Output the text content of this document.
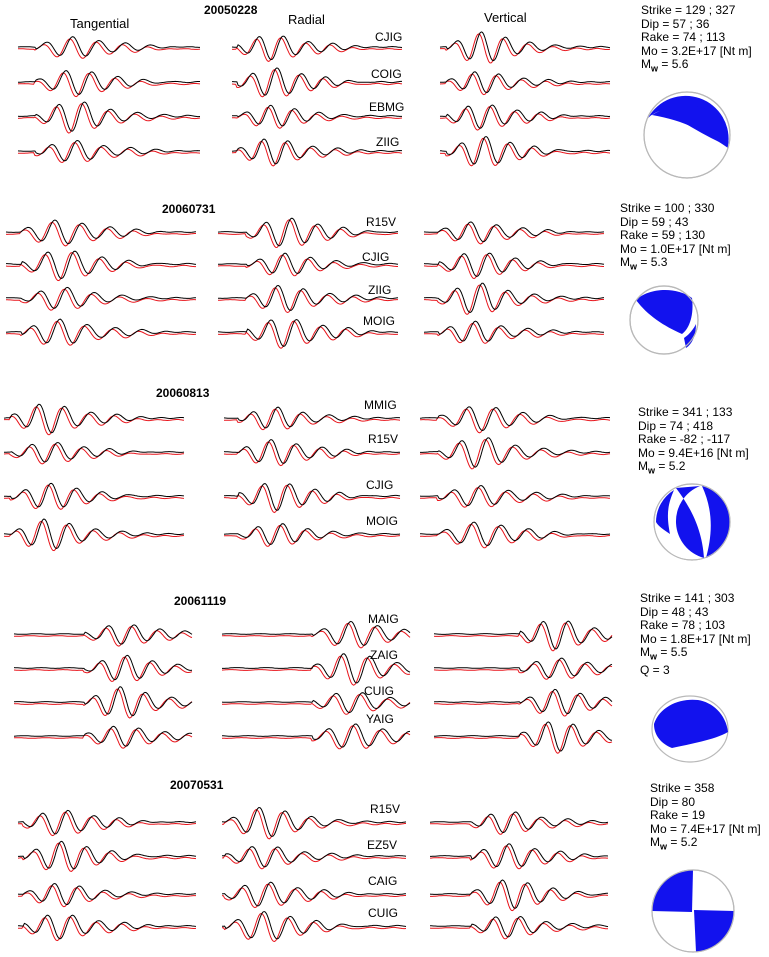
Tangential	Radial	Vertical
20050228
CJIG
COIG
EBMG
ZIIG
Strike = 129 ; 327
Dip = 57 ; 36
Rake = 74 ; 113
Mo = 3.2E+17 [Nt m]
$M_w = 5.6$
20060731
R15V
CJIG
ZIIG
MOIG
Strike = 100 ; 330
Dip = 59 ; 43
Rake = 59 ; 130
Mo = 1.0E+17 [Nt m]
$M_w = 5.3$
20060813
MMIG
R15V
CJIG
MOIG
Strike = 341 ; 133
Dip = 74 ; 418
Rake = -82 ; -117
Mo = 9.4E+16 [Nt m]
$M_w = 5.2$
20061119
MAIG
ZAIG
CUIG
YAIG
Strike = 141 ; 303
Dip = 48 ; 43
Rake = 78 ; 103
Mo = 1.8E+17 [Nt m]
$M_w = 5.5$
Q = 3
20070531
R15V
EZ5V
CAIG
CUIG
Strike = 358
Dip = 80
Rake = 19
Mo = 7.4E+17 [Nt m]
$M_w = 5.2$
